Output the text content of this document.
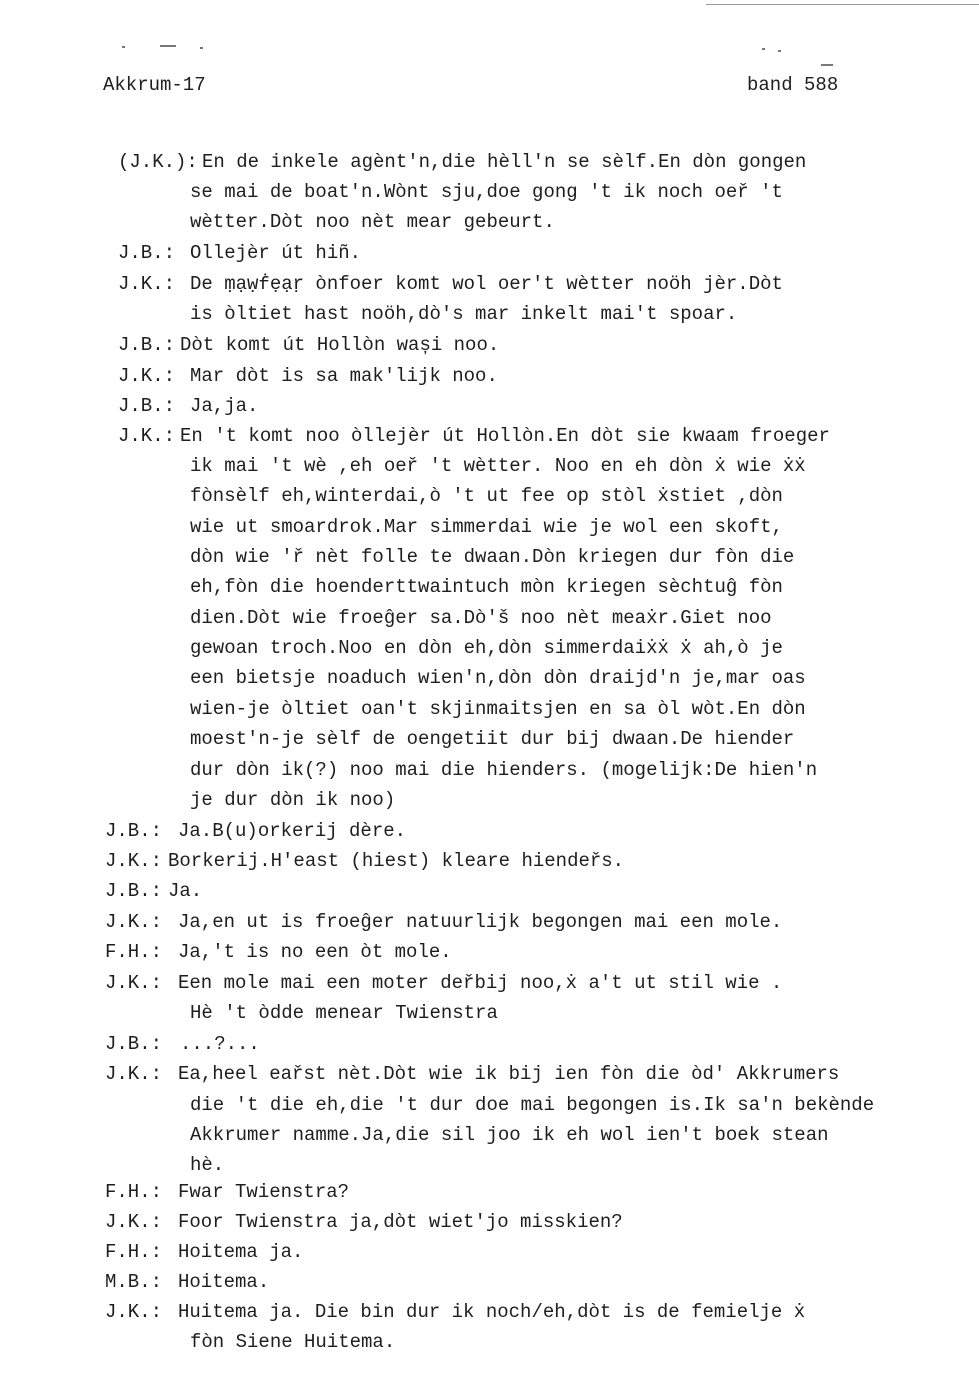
Akkrum-17	band 588
(J.K.): En de inkele agènt'n,die hèll'n se sèlf.En dòn gongen
se mai de boat'n.Wònt sju,doe gong 't ik noch oeř 't
wètter.Dòt noo nèt mear gebeurt.
J.B.: Ollejèr út hiñ.
J.K.: De ṃạẉḟẹạṛ ònfoer komt wol oer't wètter noöh jèr.Dòt
is òltiet hast noöh,dò's mar inkelt mai't spoar.
J.B.: Dòt komt út Hollòn wași noo.
J.K.: Mar dòt is sa mak'lijk noo.
J.B.: Ja,ja.
J.K.: En 't komt noo òllejèr út Hollòn.En dòt sie kwaam froeger
ik mai 't wè ,eh oeř 't wètter. Noo en eh dòn ẋ wie ẋẋ
fònsèlf eh,winterdai,ò 't ut fee op stòl ẋstiet ,dòn
wie ut smoardrok.Mar simmerdai wie je wol een skoft,
dòn wie 'ř nèt folle te dwaan.Dòn kriegen dur fòn die
eh,fòn die hoenderttwaintuch mòn kriegen sèchtuĝ fòn
dien.Dòt wie froeĝer sa.Dò'š noo nèt meaẋr.Giet noo
gewoan troch.Noo en dòn eh,dòn simmerdaiẋẋ ẋ ah,ò je
een bietsje noaduch wien'n,dòn dòn draijd'n je,mar oas
wien-je òltiet oan't skjinmaitsjen en sa òl wòt.En dòn
moest'n-je sèlf de oengetiit dur bij dwaan.De hiender
dur dòn ik(?) noo mai die hienders. (mogelijk:De hien'n
je dur dòn ik noo)
J.B.: Ja.B(u)orkerij dère.
J.K.: Borkerij.H'east (hiest) kleare hiendeřs.
J.B.: Ja.
J.K.: Ja,en ut is froeĝer natuurlijk begongen mai een mole.
F.H.: Ja,'t is no een òt mole.
J.K.: Een mole mai een moter deřbij noo,ẋ a't ut stil wie .
Hè 't òdde menear Twienstra
J.B.: ...?...
J.K.: Ea,heel eařst nèt.Dòt wie ik bij ien fòn die òd' Akkrumers
die 't die eh,die 't dur doe mai begongen is.Ik sa'n bekènde
Akkrumer namme.Ja,die sil joo ik eh wol ien't boek stean
hè.
F.H.: Fwar Twienstra?
J.K.: Foor Twienstra ja,dòt wiet'jo misskien?
F.H.: Hoitema ja.
M.B.: Hoitema.
J.K.: Huitema ja. Die bin dur ik noch/eh,dòt is de femielje ẋ
fòn Siene Huitema.
